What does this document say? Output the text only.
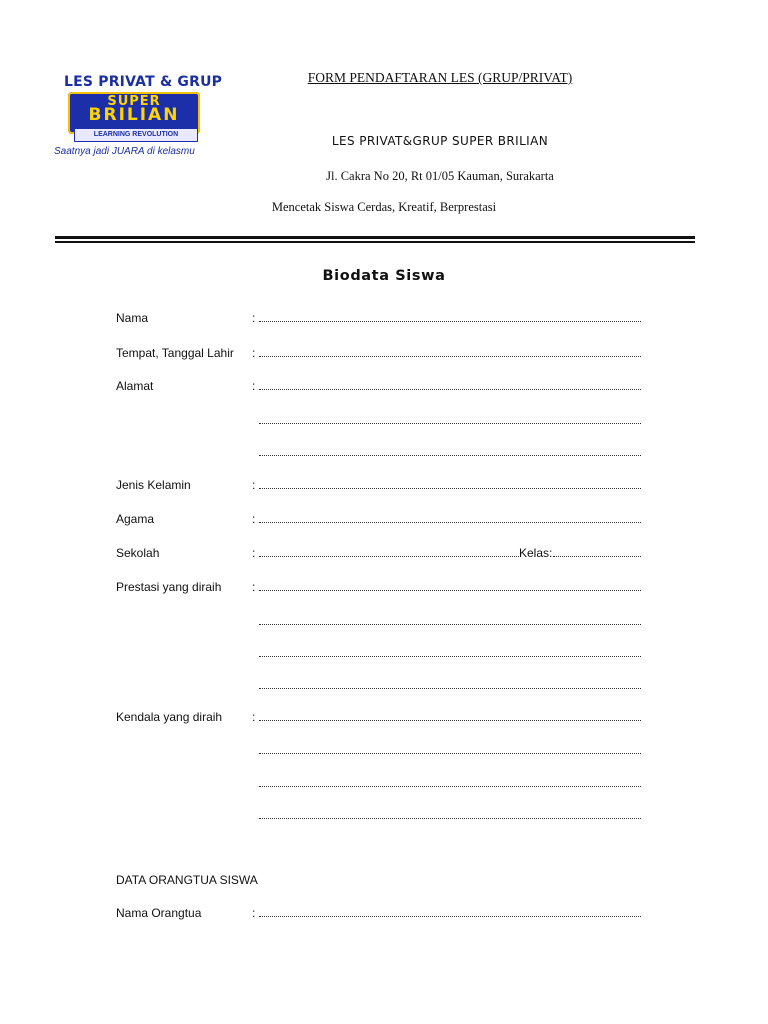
LES PRIVAT & GRUP
SUPER
BRILIAN
LEARNING REVOLUTION
Saatnya jadi JUARA di kelasmu
FORM PENDAFTARAN LES (GRUP/PRIVAT)
LES PRIVAT&GRUP SUPER BRILIAN
Jl. Cakra No 20, Rt 01/05 Kauman, Surakarta
Mencetak Siswa Cerdas, Kreatif, Berprestasi
Biodata Siswa
Nama	:
Tempat, Tanggal Lahir :
Alamat	:
Jenis Kelamin	:
Agama	:
Sekolah	:	Kelas:
Prestasi yang diraih	:
Kendala yang diraih :
DATA ORANGTUA SISWA
Nama Orangtua	:
